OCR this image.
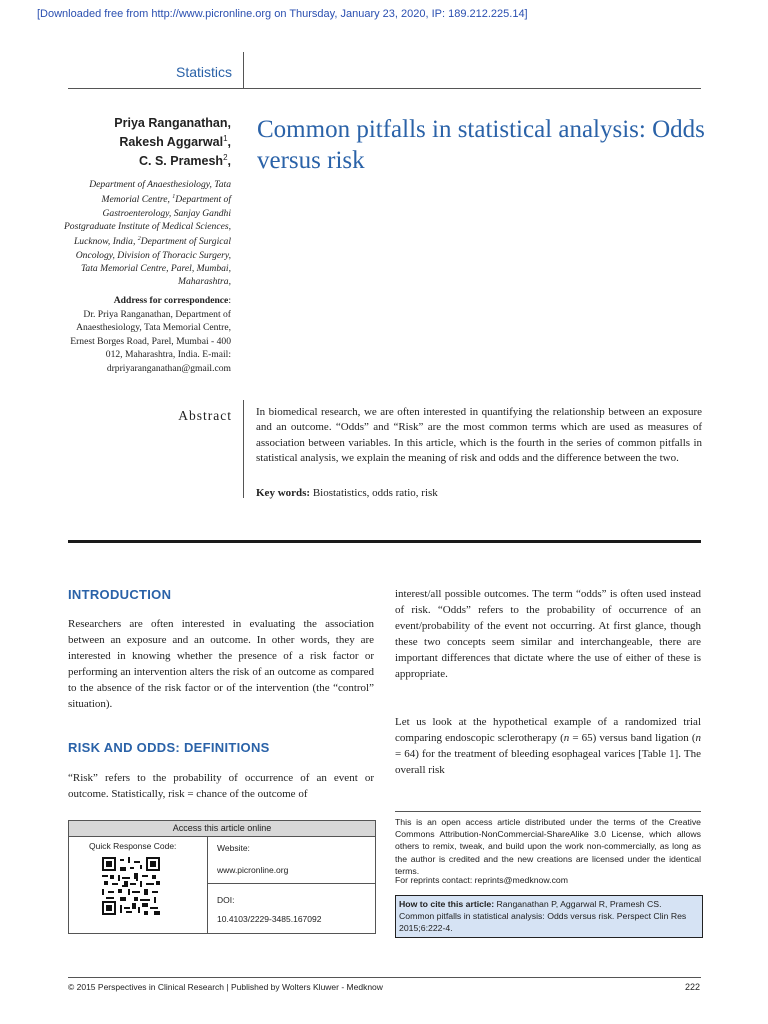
[Downloaded free from http://www.picronline.org on Thursday, January 23, 2020, IP: 189.212.225.14]
Statistics
Priya Ranganathan,
Rakesh Aggarwal$^1$,
C. S. Pramesh$^2$,
Department of Anaesthesiology, Tata Memorial Centre, $^1$Department of Gastroenterology, Sanjay Gandhi Postgraduate Institute of Medical Sciences, Lucknow, India, $^2$Department of Surgical Oncology, Division of Thoracic Surgery, Tata Memorial Centre, Parel, Mumbai, Maharashtra,
Address for correspondence:
Dr. Priya Ranganathan, Department of Anaesthesiology, Tata Memorial Centre, Ernest Borges Road, Parel, Mumbai - 400 012, Maharashtra, India. E-mail: drpriyaranganathan@gmail.com
Common pitfalls in statistical analysis: Odds versus risk
Abstract In biomedical research, we are often interested in quantifying the relationship between an exposure and an outcome. “Odds” and “Risk” are the most common terms which are used as measures of association between variables. In this article, which is the fourth in the series of common pitfalls in statistical analysis, we explain the meaning of risk and odds and the difference between the two.
Key words: Biostatistics, odds ratio, risk
INTRODUCTION

Researchers are often interested in evaluating the association between an exposure and an outcome. In other words, they are interested in knowing whether the presence of a risk factor or performing an intervention alters the risk of an outcome as compared to the absence of the risk factor or of the intervention (the “control” situation).

RISK AND ODDS: DEFINITIONS

“Risk” refers to the probability of occurrence of an event or outcome. Statistically, risk = chance of the outcome of

interest/all possible outcomes. The term “odds” is often used instead of risk. “Odds” refers to the probability of occurrence of an event/probability of the event not occurring. At first glance, though these two concepts seem similar and interchangeable, there are important differences that dictate where the use of either of these is appropriate.

Let us look at the hypothetical example of a randomized trial comparing endoscopic sclerotherapy (n = 65) versus band ligation (n = 64) for the treatment of bleeding esophageal varices [Table 1]. The overall risk

Access this article online
Quick Response Code:	Website:
www.picronline.org
DOI:
10.4103/2229-3485.167092
This is an open access article distributed under the terms of the Creative Commons Attribution-NonCommercial-ShareAlike 3.0 License, which allows others to remix, tweak, and build upon the work non-commercially, as long as the author is credited and the new creations are licensed under the identical terms.
For reprints contact: reprints@medknow.com
How to cite this article: Ranganathan P, Aggarwal R, Pramesh CS. Common pitfalls in statistical analysis: Odds versus risk. Perspect Clin Res 2015;6:222-4.
© 2015 Perspectives in Clinical Research | Published by Wolters Kluwer - Medknow	222
